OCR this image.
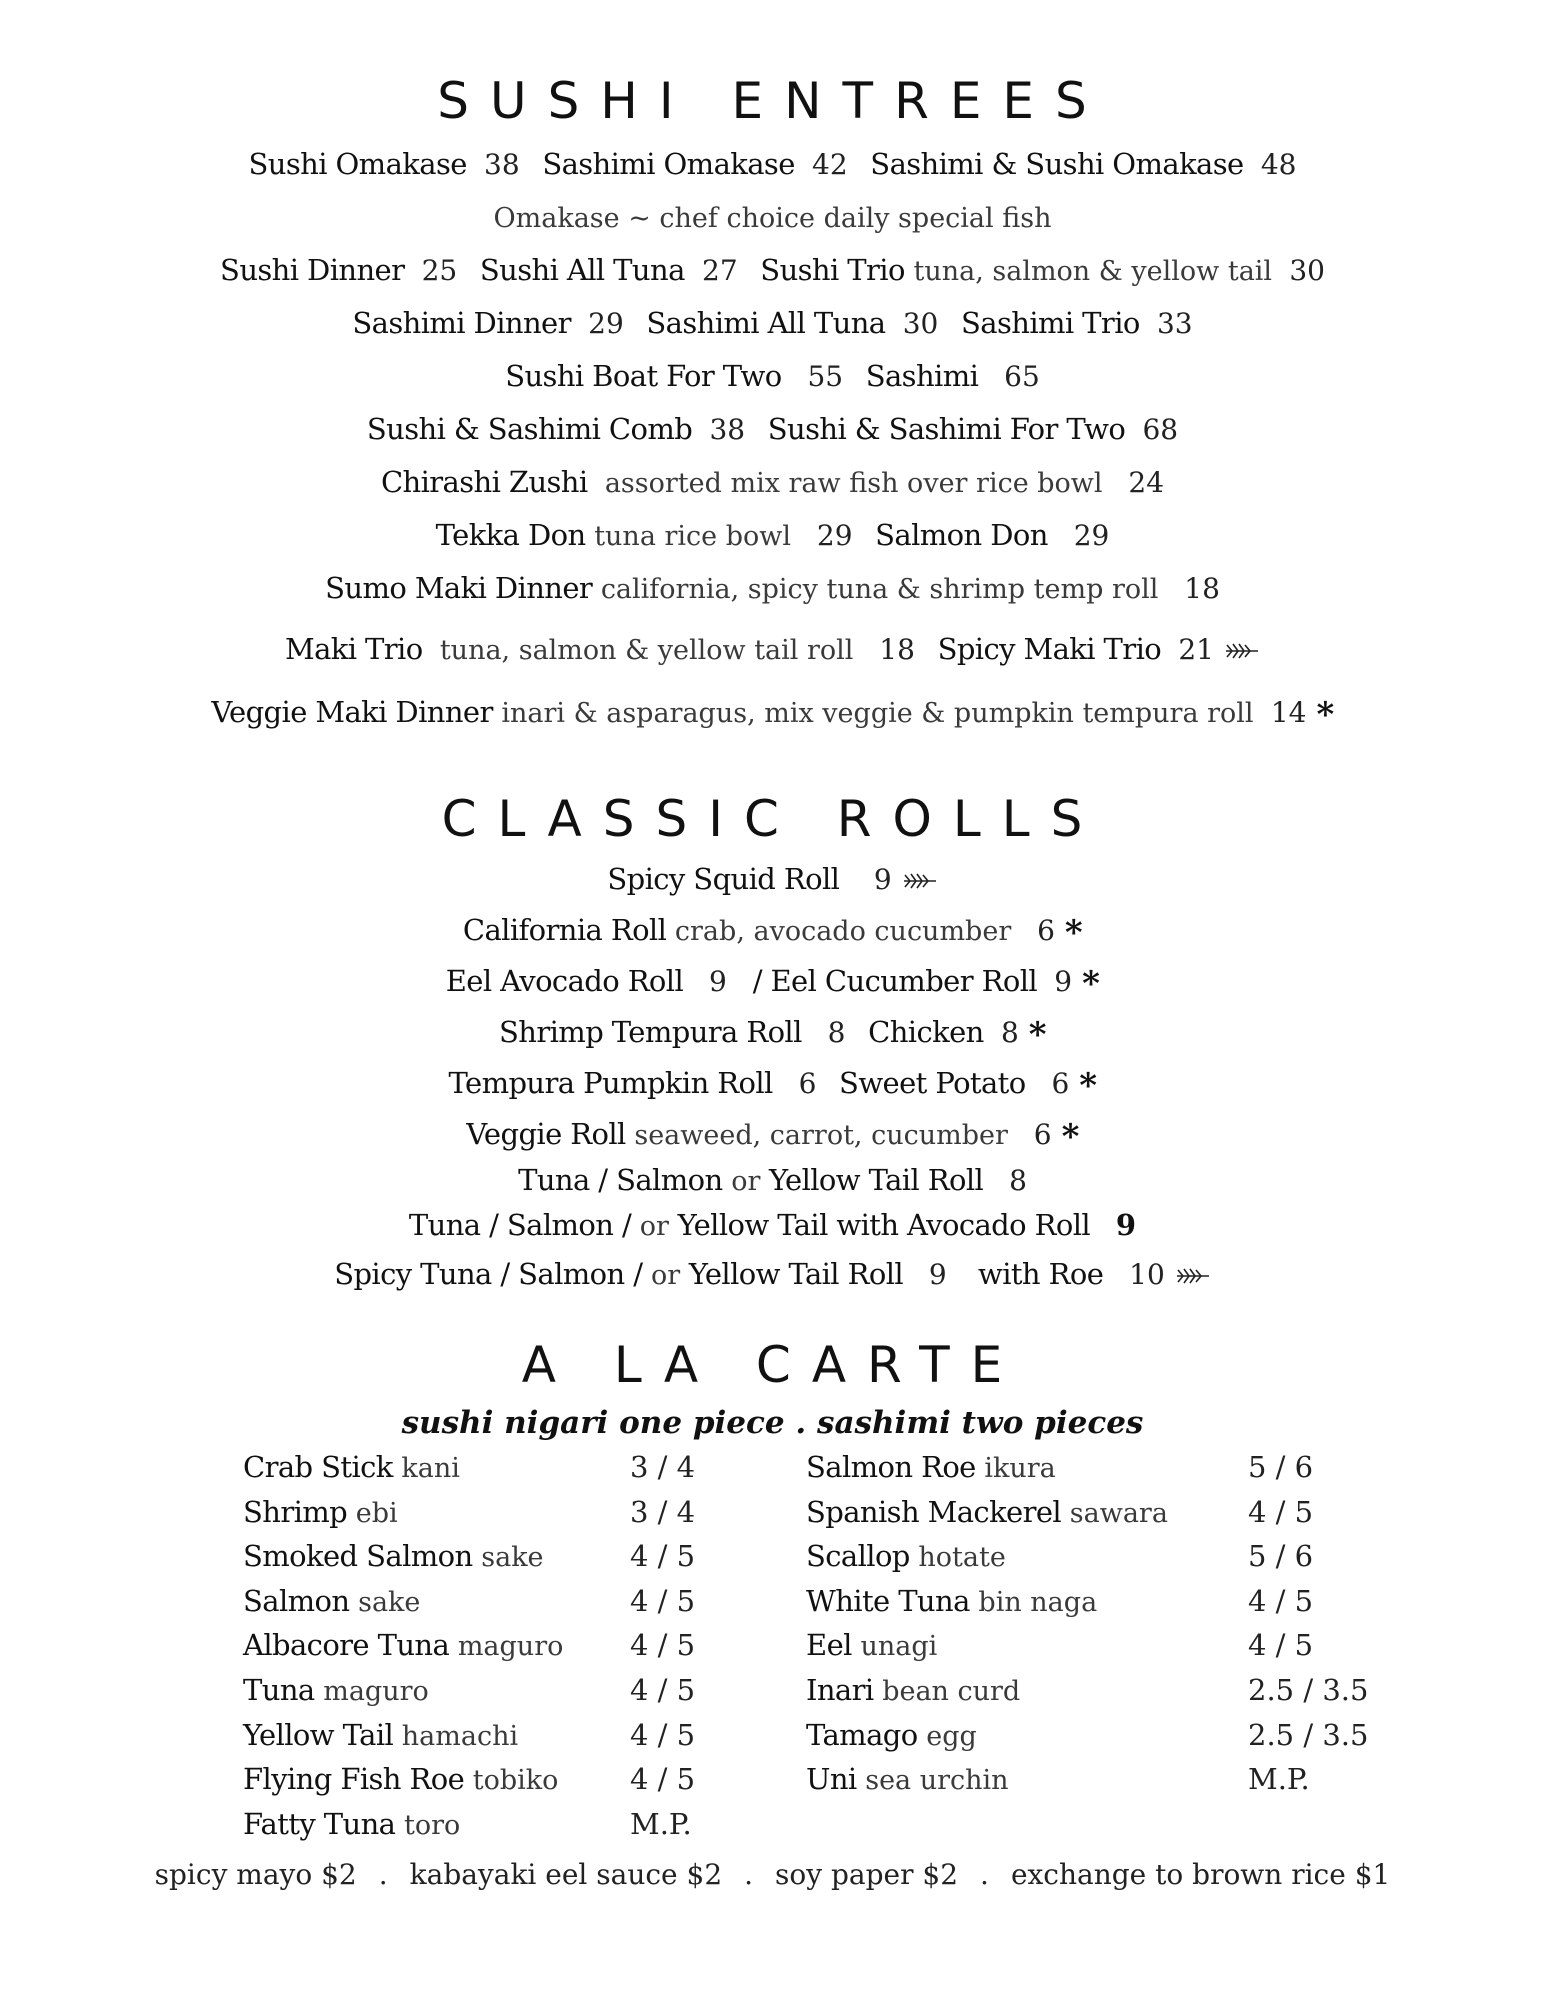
SUSHI ENTREES
Sushi Omakase 38 Sashimi Omakase 42 Sashimi & Sushi Omakase 48
Omakase ~ chef choice daily special fish
Sushi Dinner 25 Sushi All Tuna 27 Sushi Trio tuna, salmon & yellow tail 30
Sashimi Dinner 29 Sashimi All Tuna 30 Sashimi Trio 33
Sushi Boat For Two 55 Sashimi 65
Sushi & Sashimi Comb 38 Sushi & Sashimi For Two 68
Chirashi Zushi assorted mix raw fish over rice bowl 24
Tekka Don tuna rice bowl 29 Salmon Don 29
Sumo Maki Dinner california, spicy tuna & shrimp temp roll 18
Maki Trio tuna, salmon & yellow tail roll 18 Spicy Maki Trio 21
Veggie Maki Dinner inari & asparagus, mix veggie & pumpkin tempura roll 14 *
CLASSIC ROLLS
Spicy Squid Roll 9
California Roll crab, avocado cucumber 6 *
Eel Avocado Roll 9 / Eel Cucumber Roll 9 *
Shrimp Tempura Roll 8 Chicken 8 *
Tempura Pumpkin Roll 6 Sweet Potato 6 *
Veggie Roll seaweed, carrot, cucumber 6 *
Tuna / Salmon or Yellow Tail Roll 8
Tuna / Salmon / or Yellow Tail with Avocado Roll 9
Spicy Tuna / Salmon / or Yellow Tail Roll 9 with Roe 10
A LA CARTE
sushi nigari one piece . sashimi two pieces
Crab Stick kani	3 / 4
Shrimp ebi	3 / 4
Smoked Salmon sake	4 / 5
Salmon sake	4 / 5
Albacore Tuna maguro 4 / 5
Tuna maguro	4 / 5
Yellow Tail hamachi	4 / 5
Flying Fish Roe tobiko 4 / 5
Fatty Tuna toro	M.P.
Salmon Roe ikura	5 / 6
Spanish Mackerel sawara	4 / 5
Scallop hotate	5 / 6
White Tuna bin naga	4 / 5
Eel unagi	4 / 5
Inari bean curd	2.5 / 3.5
Tamago egg	2.5 / 3.5
Uni sea urchin	M.P.
spicy mayo $2 . kabayaki eel sauce $2 . soy paper $2 . exchange to brown rice $1
